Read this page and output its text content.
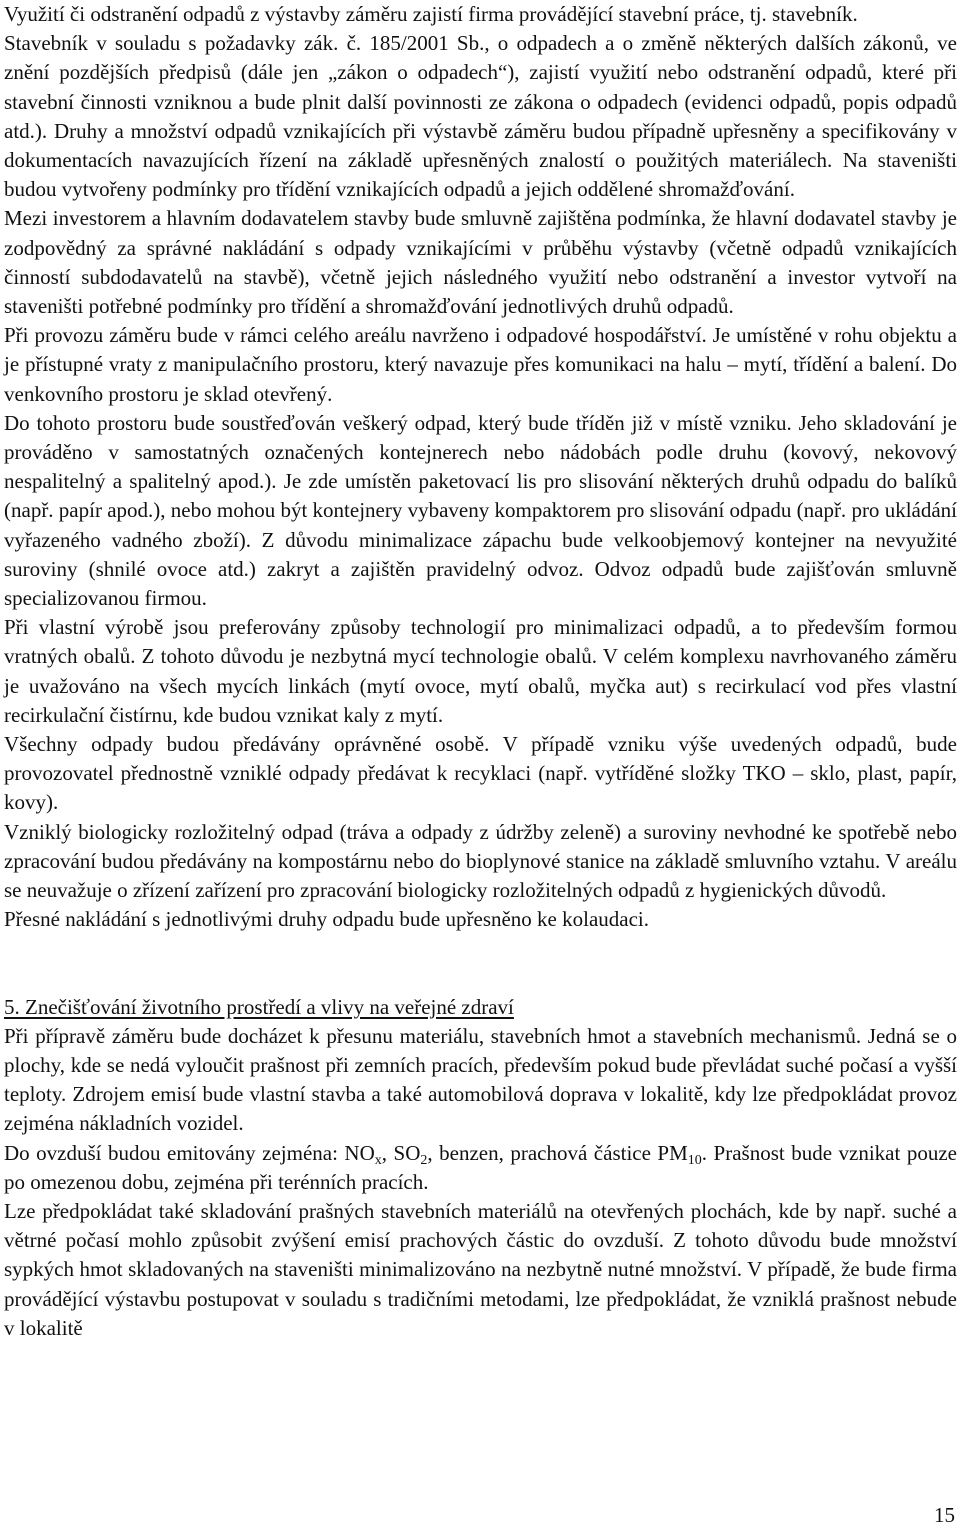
Využití či odstranění odpadů z výstavby záměru zajistí firma provádějící stavební práce, tj. stavebník.

Stavebník v souladu s požadavky zák. č. 185/2001 Sb., o odpadech a o změně některých dalších zákonů, ve znění pozdějších předpisů (dále jen „zákon o odpadech“), zajistí využití nebo odstranění odpadů, které při stavební činnosti vzniknou a bude plnit další povinnosti ze zákona o odpadech (evidenci odpadů, popis odpadů atd.). Druhy a množství odpadů vznikajících při výstavbě záměru budou případně upřesněny a specifikovány v dokumentacích navazujících řízení na základě upřesněných znalostí o použitých materiálech. Na staveništi budou vytvořeny podmínky pro třídění vznikajících odpadů a jejich oddělené shromažďování.

Mezi investorem a hlavním dodavatelem stavby bude smluvně zajištěna podmínka, že hlavní dodavatel stavby je zodpovědný za správné nakládání s odpady vznikajícími v průběhu výstavby (včetně odpadů vznikajících činností subdodavatelů na stavbě), včetně jejich následného využití nebo odstranění a investor vytvoří na staveništi potřebné podmínky pro třídění a shromažďování jednotlivých druhů odpadů.

Při provozu záměru bude v rámci celého areálu navrženo i odpadové hospodářství. Je umístěné v rohu objektu a je přístupné vraty z manipulačního prostoru, který navazuje přes komunikaci na halu – mytí, třídění a balení. Do venkovního prostoru je sklad otevřený.

Do tohoto prostoru bude soustřeďován veškerý odpad, který bude tříděn již v místě vzniku. Jeho skladování je prováděno v samostatných označených kontejnerech nebo nádobách podle druhu (kovový, nekovový nespalitelný a spalitelný apod.). Je zde umístěn paketovací lis pro slisování některých druhů odpadu do balíků (např. papír apod.), nebo mohou být kontejnery vybaveny kompaktorem pro slisování odpadu (např. pro ukládání vyřazeného vadného zboží). Z důvodu minimalizace zápachu bude velkoobjemový kontejner na nevyužité suroviny (shnilé ovoce atd.) zakryt a zajištěn pravidelný odvoz. Odvoz odpadů bude zajišťován smluvně specializovanou firmou.

Při vlastní výrobě jsou preferovány způsoby technologií pro minimalizaci odpadů, a to především formou vratných obalů. Z tohoto důvodu je nezbytná mycí technologie obalů. V celém komplexu navrhovaného záměru je uvažováno na všech mycích linkách (mytí ovoce, mytí obalů, myčka aut) s recirkulací vod přes vlastní recirkulační čistírnu, kde budou vznikat kaly z mytí.

Všechny odpady budou předávány oprávněné osobě. V případě vzniku výše uvedených odpadů, bude provozovatel přednostně vzniklé odpady předávat k recyklaci (např. vytříděné složky TKO – sklo, plast, papír, kovy).

Vzniklý biologicky rozložitelný odpad (tráva a odpady z údržby zeleně) a suroviny nevhodné ke spotřebě nebo zpracování budou předávány na kompostárnu nebo do bioplynové stanice na základě smluvního vztahu. V areálu se neuvažuje o zřízení zařízení pro zpracování biologicky rozložitelných odpadů z hygienických důvodů.

Přesné nakládání s jednotlivými druhy odpadu bude upřesněno ke kolaudaci.

5. Znečišťování životního prostředí a vlivy na veřejné zdraví

Při přípravě záměru bude docházet k přesunu materiálu, stavebních hmot a stavebních mechanismů. Jedná se o plochy, kde se nedá vyloučit prašnost při zemních pracích, především pokud bude převládat suché počasí a vyšší teploty. Zdrojem emisí bude vlastní stavba a také automobilová doprava v lokalitě, kdy lze předpokládat provoz zejména nákladních vozidel.

Do ovzduší budou emitovány zejména: $NO_x$, $SO_2$, benzen, prachová částice $PM_{10}$. Prašnost bude vznikat pouze po omezenou dobu, zejména při terénních pracích.

Lze předpokládat také skladování prašných stavebních materiálů na otevřených plochách, kde by např. suché a větrné počasí mohlo způsobit zvýšení emisí prachových částic do ovzduší. Z tohoto důvodu bude množství sypkých hmot skladovaných na staveništi minimalizováno na nezbytně nutné množství. V případě, že bude firma provádějící výstavbu postupovat v souladu s tradičními metodami, lze předpokládat, že vzniklá prašnost nebude v lokalitě

15
